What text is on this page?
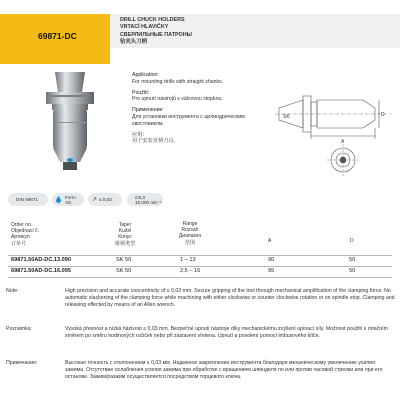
69871-DC
DRILL CHUCK HOLDERS
VRTACÍ HLAVIČKY
СВЕРЛИЛЬНЫЕ ПАТРОНЫ
钻夹头刀柄
Application:
For mounting drills with straight shanks.
Použití:
Pro upnutí nástrojů s válcovou stopkou.
Применение:
Для установки инструмента с цилиндрическим хвостовиком.
应用：
用于安装直柄刀具。	A
D
SK
DIN 69871	Form
AD	↗ ≤ 0,03	G6,3
15.000 min⁻¹
Order no.
Objednací č.
Артикул
订单号
Taper
Kužel
Конус
锥柄类型
Range
Rozsah
Диапазон
范围	A	D
69871.50AD-DC.13.090	SK 50	1 – 13	90	50
69871.50AD-DC.16.095	SK 50	2,5 – 16	95	50
Note:	High precision and accurate concentricity of ≤ 0,03 mm. Secure gripping of the tool through mechanical amplification of the clamping force. No automatic slackening of the clamping force while machining with either clockwise or counter clockwise rotation or on spindle stop. Clamping and releasing effected by means of an Allen wrench.
Poznámka:	Vysoká přesnost a nízká házivost ≤ 0,03 mm. Bezpečné upnutí nástroje díky mechanickému zvýšení upínací síly. Možnost použití s rotačním směrem po směru hodinových ručiček nebo při zastavení vřetena. Upnutí a povolení pomocí imbusového klíče.
Примечание:	Высокая точность с отклонением ≤ 0,03 мм. Надежное закрепление инструмента благодаря механическому увеличению усилия зажима. Отсутствие ослабления усилия зажима при обработке с вращением шпинделя по или против часовой стрелки или при его останове. Зажим/разжим осуществляется посредством торцевого ключа.
